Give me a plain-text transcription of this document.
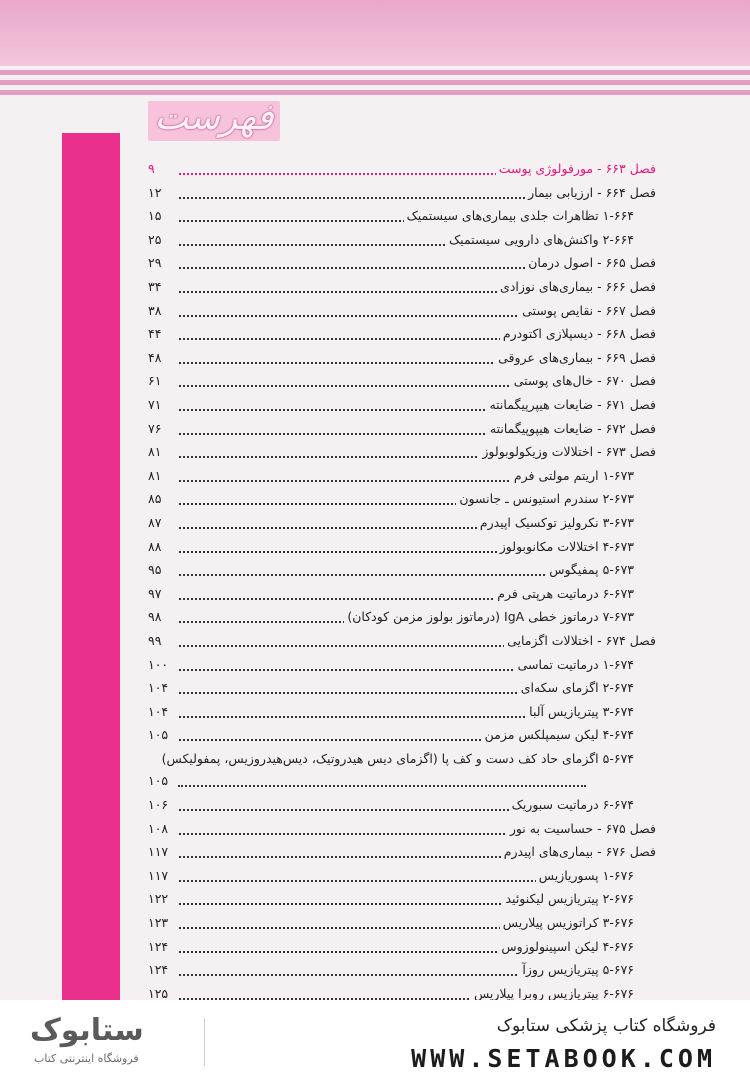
فهرست
فصل ۶۶۳ - مورفولوژی پوست
۹
فصل ۶۶۴ - ارزیابی بیمار
۱۲
۱-۶۶۴ تظاهرات جلدی بیماری‌های سیستمیک
۱۵
۲-۶۶۴ واکنش‌های دارویی سیستمیک
۲۵
فصل ۶۶۵ - اصول درمان
۲۹
فصل ۶۶۶ - بیماری‌های نوزادی
۳۴
فصل ۶۶۷ - نقایص پوستی
۳۸
فصل ۶۶۸ - دیسپلازی اکتودرم
۴۴
فصل ۶۶۹ - بیماری‌های عروقی
۴۸
فصل ۶۷۰ - خال‌های پوستی
۶۱
فصل ۶۷۱ - ضایعات هیپرپیگمانته
۷۱
فصل ۶۷۲ - ضایعات هیپوپیگمانته
۷۶
فصل ۶۷۳ - اختلالات وزیکولوبولوز
۸۱
۱-۶۷۳ اریتم مولتی فرم
۸۱
۲-۶۷۳ سندرم استیونس ـ جانسون
۸۵
۳-۶۷۳ نکرولیز توکسیک اپیدرم
۸۷
۴-۶۷۳ اختلالات مکانوبولوز
۸۸
۵-۶۷۳ پمفیگوس
۹۵
۶-۶۷۳ درماتیت هرپتی فرم
۹۷
۷-۶۷۳ درماتوز خطی IgA (درماتوز بولوز مزمن کودکان)
۹۸
فصل ۶۷۴ - اختلالات اگزمایی
۹۹
۱-۶۷۴ درماتیت تماسی
۱۰۰
۲-۶۷۴ اگزمای سکه‌ای
۱۰۴
۳-۶۷۴ پیتریازیس آلبا
۱۰۴
۴-۶۷۴ لیکن سیمپلکس مزمن
۱۰۵
۵-۶۷۴ اگزمای حاد کف دست و کف پا (اگزمای دیس هیدروتیک، دیس‌هیدروزیس، پمفولیکس)
۱۰۵
۶-۶۷۴ درماتیت سبوریک
۱۰۶
فصل ۶۷۵ - حساسیت به نور
۱۰۸
فصل ۶۷۶ - بیماری‌های اپیدرم
۱۱۷
۱-۶۷۶ پسوریازیس
۱۱۷
۲-۶۷۶ پیتریازیس لیکنوئید
۱۲۲
۳-۶۷۶ کراتوزیس پیلاریس
۱۲۳
۴-۶۷۶ لیکن اسپینولوزوس
۱۲۴
۵-۶۷۶ پیتریازیس روزآ
۱۲۴
۶-۶۷۶ پیتریازیس روبرا پیلاریس
۱۲۵
ستابوک
فروشگاه اینترنتی کتاب
فروشگاه کتاب پزشکی ستابوک
WWW.SETABOOK.COM
